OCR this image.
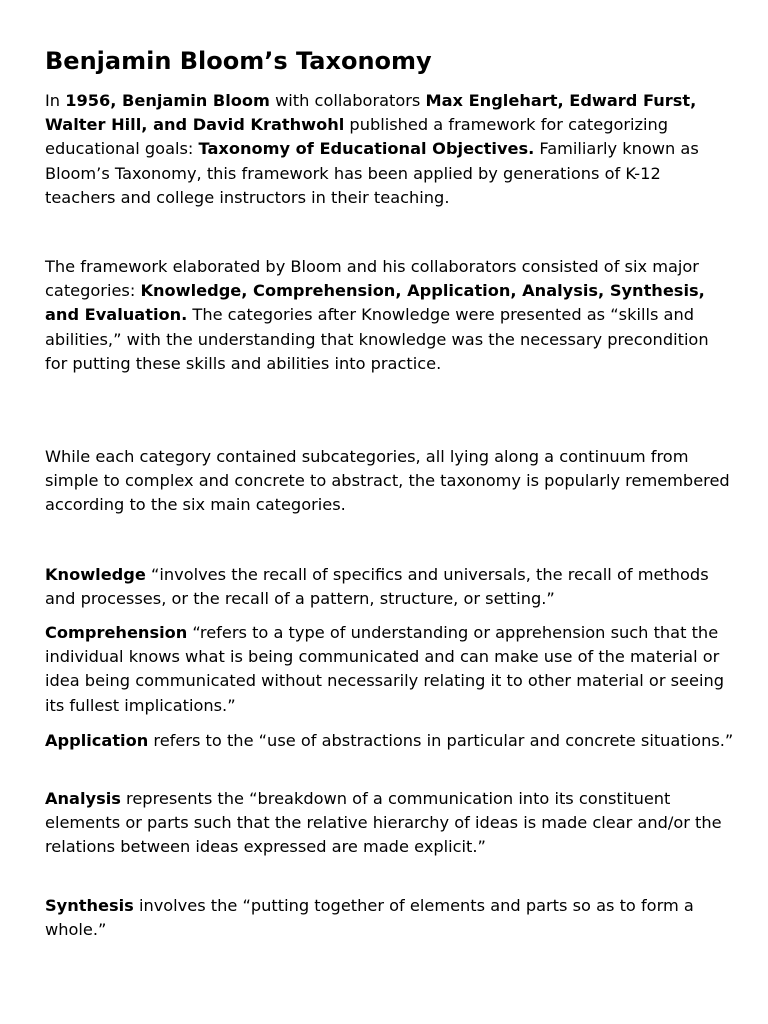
Benjamin Bloom’s Taxonomy

In 1956, Benjamin Bloom with collaborators Max Englehart, Edward Furst, Walter Hill, and David Krathwohl published a framework for categorizing educational goals: Taxonomy of Educational Objectives. Familiarly known as Bloom’s Taxonomy, this framework has been applied by generations of K-12 teachers and college instructors in their teaching.

The framework elaborated by Bloom and his collaborators consisted of six major categories: Knowledge, Comprehension, Application, Analysis, Synthesis, and Evaluation. The categories after Knowledge were presented as “skills and abilities,” with the understanding that knowledge was the necessary precondition for putting these skills and abilities into practice.

While each category contained subcategories, all lying along a continuum from simple to complex and concrete to abstract, the taxonomy is popularly remembered according to the six main categories.

Knowledge “involves the recall of specifics and universals, the recall of methods and processes, or the recall of a pattern, structure, or setting.”

Comprehension “refers to a type of understanding or apprehension such that the individual knows what is being communicated and can make use of the material or idea being communicated without necessarily relating it to other material or seeing its fullest implications.”

Application refers to the “use of abstractions in particular and concrete situations.”

Analysis represents the “breakdown of a communication into its constituent elements or parts such that the relative hierarchy of ideas is made clear and/or the relations between ideas expressed are made explicit.”

Synthesis involves the “putting together of elements and parts so as to form a whole.”
